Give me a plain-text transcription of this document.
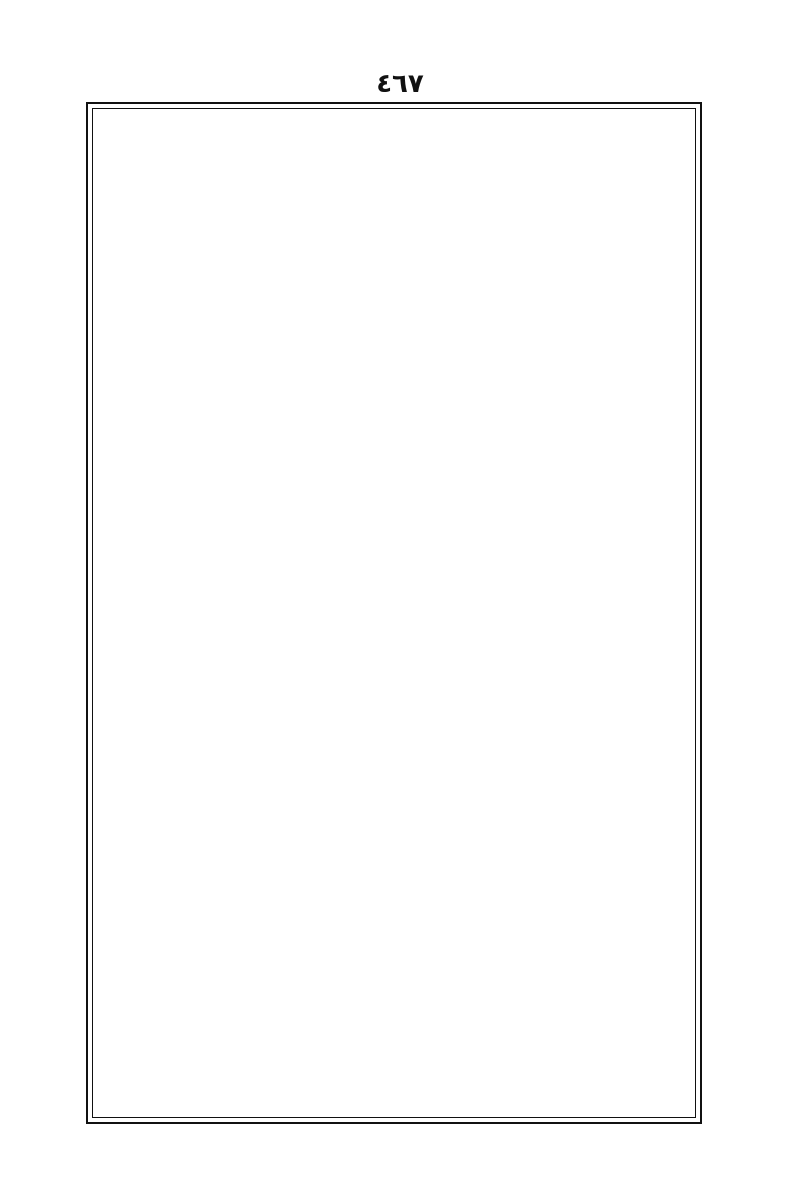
٤٦٧
